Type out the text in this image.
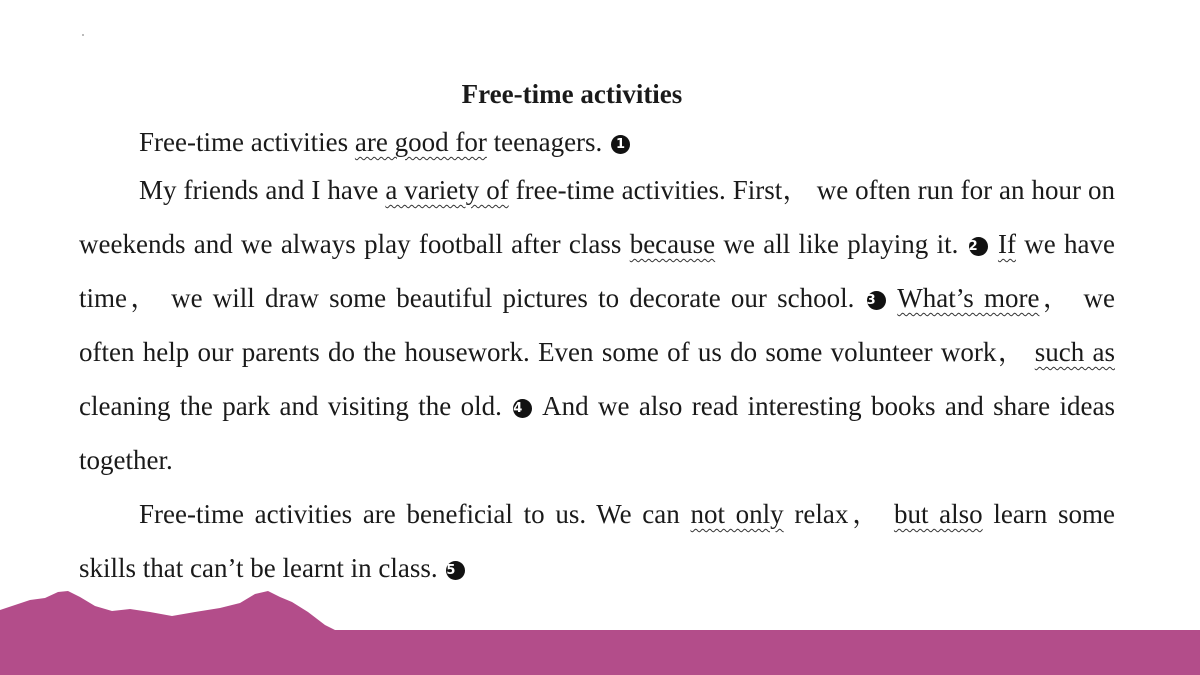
Free-time activities
Free-time activities are good for teenagers. 1
My friends and I have a variety of free-time activities. First， we often run for an hour on weekends and we always play football after class because we all like playing it. 2 If we have time， we will draw some beautiful pictures to decorate our school. 3 What’s more， we often help our parents do the housework. Even some of us do some volunteer work， such as cleaning the park and visiting the old. 4 And we also read interesting books and share ideas together.
Free-time activities are beneficial to us. We can not only relax， but also learn some skills that can’t be learnt in class. 5
